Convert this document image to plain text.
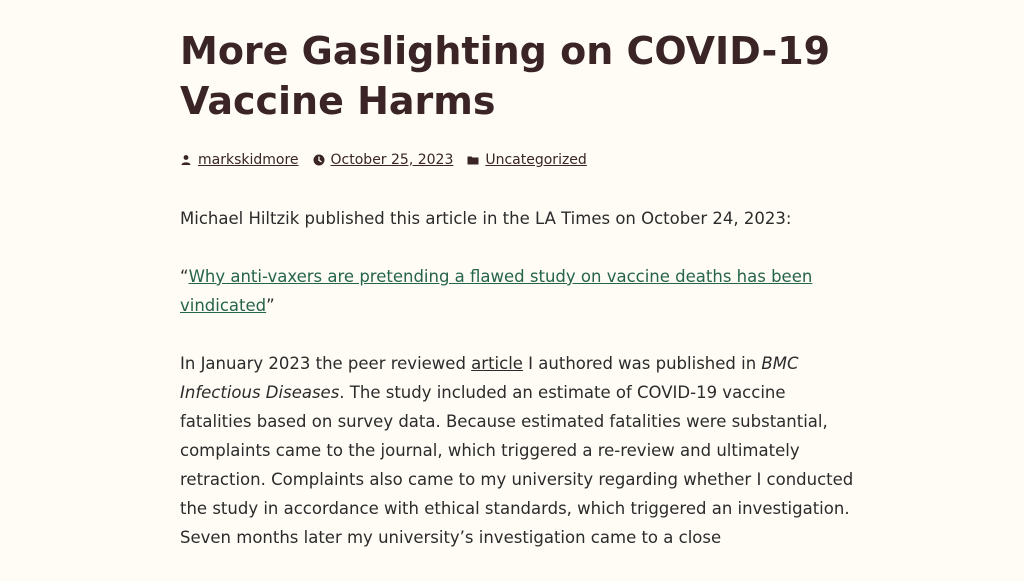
More Gaslighting on COVID-19
Vaccine Harms
markskidmore October 25, 2023 Uncategorized

Michael Hiltzik published this article in the LA Times on October 24, 2023:

“Why anti-vaxers are pretending a flawed study on vaccine deaths has been vindicated”

In January 2023 the peer reviewed article I authored was published in BMC Infectious Diseases. The study included an estimate of COVID-19 vaccine fatalities based on survey data. Because estimated fatalities were substantial, complaints came to the journal, which triggered a re-review and ultimately retraction. Complaints also came to my university regarding whether I conducted the study in accordance with ethical standards, which triggered an investigation. Seven months later my university’s investigation came to a close
